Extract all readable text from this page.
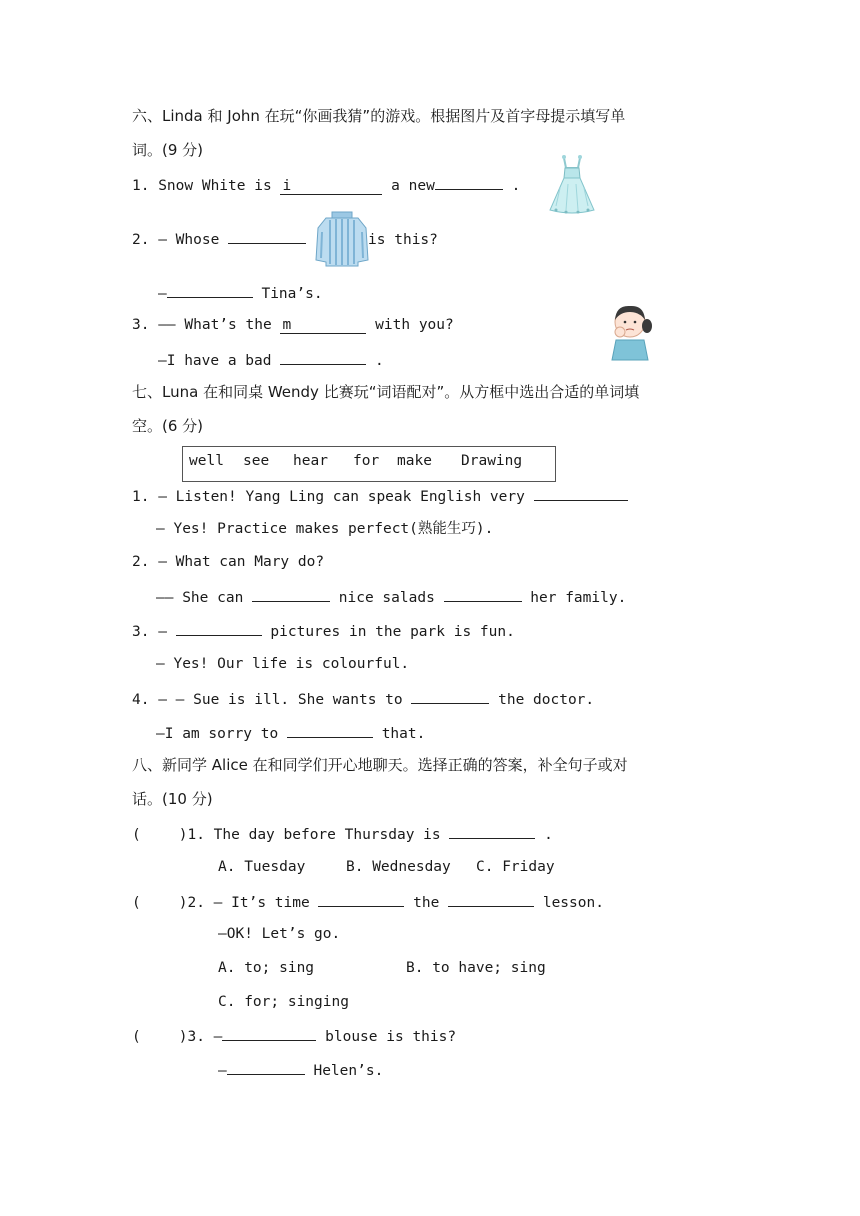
六、Linda 和 John 在玩“你画我猜”的游戏。根据图片及首字母提示填写单
词。(9 分)
1. Snow White is i	a new	.
2. — Whose	is this?
—	Tina’s.
3. —— What’s the m	with you?
—I have a bad	.
七、Luna 在和同桌 Wendy 比赛玩“词语配对”。从方框中选出合适的单词填
空。(6 分)
well see hear for make Drawing
1. — Listen! Yang Ling can speak English very
— Yes! Practice makes perfect(熟能生巧).
2. — What can Mary do?
—— She can	nice salads	her family.
3. —	pictures in the park is fun.
— Yes! Our life is colourful.
4. — — Sue is ill. She wants to	the doctor.
—I am sorry to	that.
八、新同学 Alice 在和同学们开心地聊天。选择正确的答案，补全句子或对
话。(10 分)
(	)1. The day before Thursday is	.
A. Tuesday	B. Wednesday C. Friday
(	)2. — It’s time	the	lesson.
—OK! Let’s go.
A. to; sing	B. to have; sing
C. for; singing
(	)3. —	blouse is this?
—	Helen’s.
